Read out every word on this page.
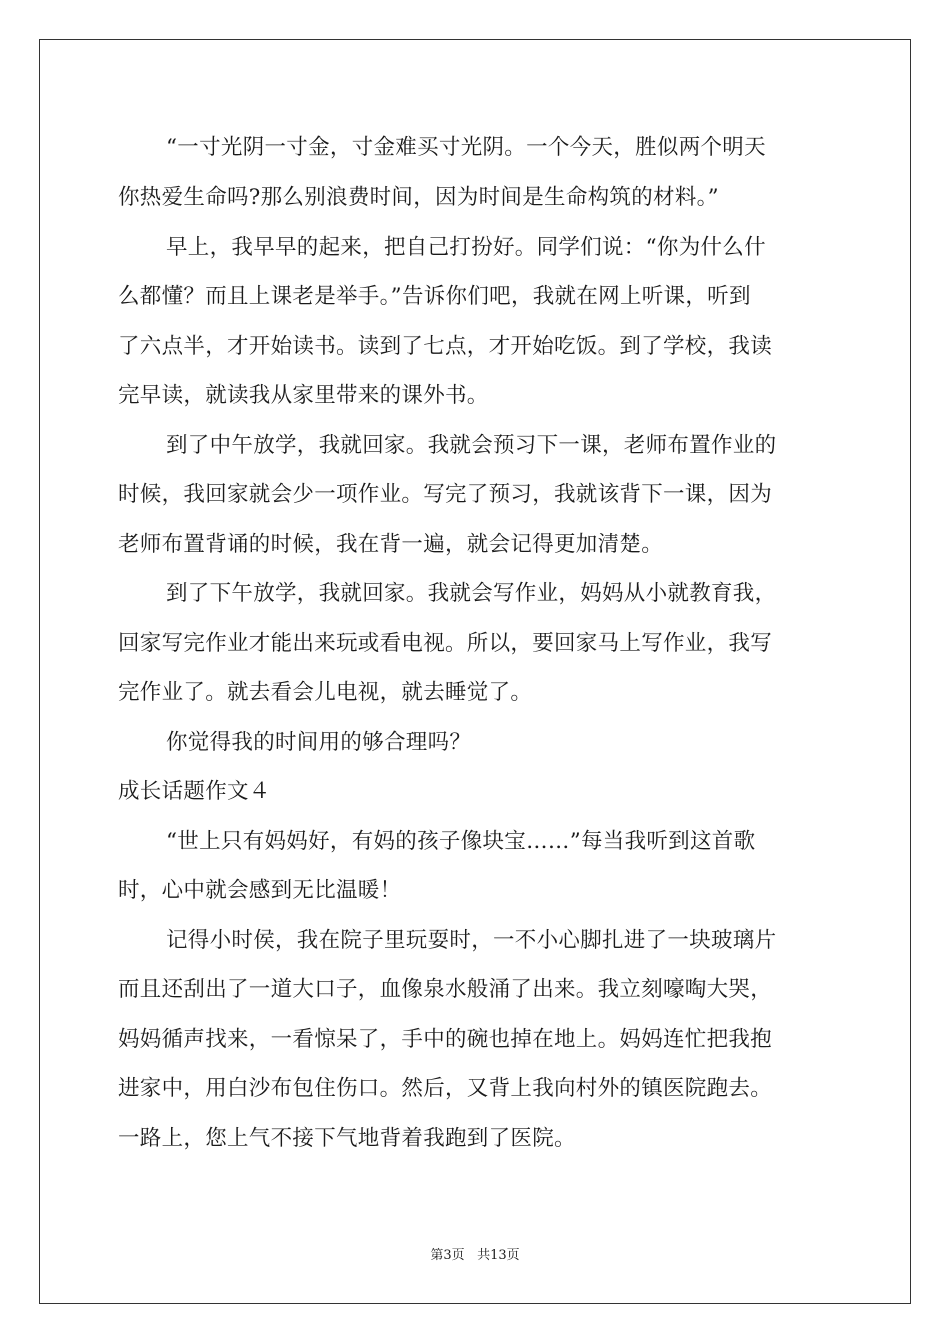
“一寸光阴一寸金，寸金难买寸光阴。一个今天，胜似两个明天
你热爱生命吗?那么别浪费时间，因为时间是生命构筑的材料。”
早上，我早早的起来，把自己打扮好。同学们说：“你为什么什
么都懂？而且上课老是举手。”告诉你们吧，我就在网上听课，听到
了六点半，才开始读书。读到了七点，才开始吃饭。到了学校，我读
完早读，就读我从家里带来的课外书。
到了中午放学，我就回家。我就会预习下一课，老师布置作业的
时候，我回家就会少一项作业。写完了预习，我就该背下一课，因为
老师布置背诵的时候，我在背一遍，就会记得更加清楚。
到了下午放学，我就回家。我就会写作业，妈妈从小就教育我，
回家写完作业才能出来玩或看电视。所以，要回家马上写作业，我写
完作业了。就去看会儿电视，就去睡觉了。
你觉得我的时间用的够合理吗？
成长话题作文４
“世上只有妈妈好，有妈的孩子像块宝……”每当我听到这首歌
时，心中就会感到无比温暖！
记得小时侯，我在院子里玩耍时，一不小心脚扎进了一块玻璃片
而且还刮出了一道大口子，血像泉水般涌了出来。我立刻嚎啕大哭，
妈妈循声找来，一看惊呆了，手中的碗也掉在地上。妈妈连忙把我抱
进家中，用白沙布包住伤口。然后，又背上我向村外的镇医院跑去。
一路上，您上气不接下气地背着我跑到了医院。
第3页 共13页
